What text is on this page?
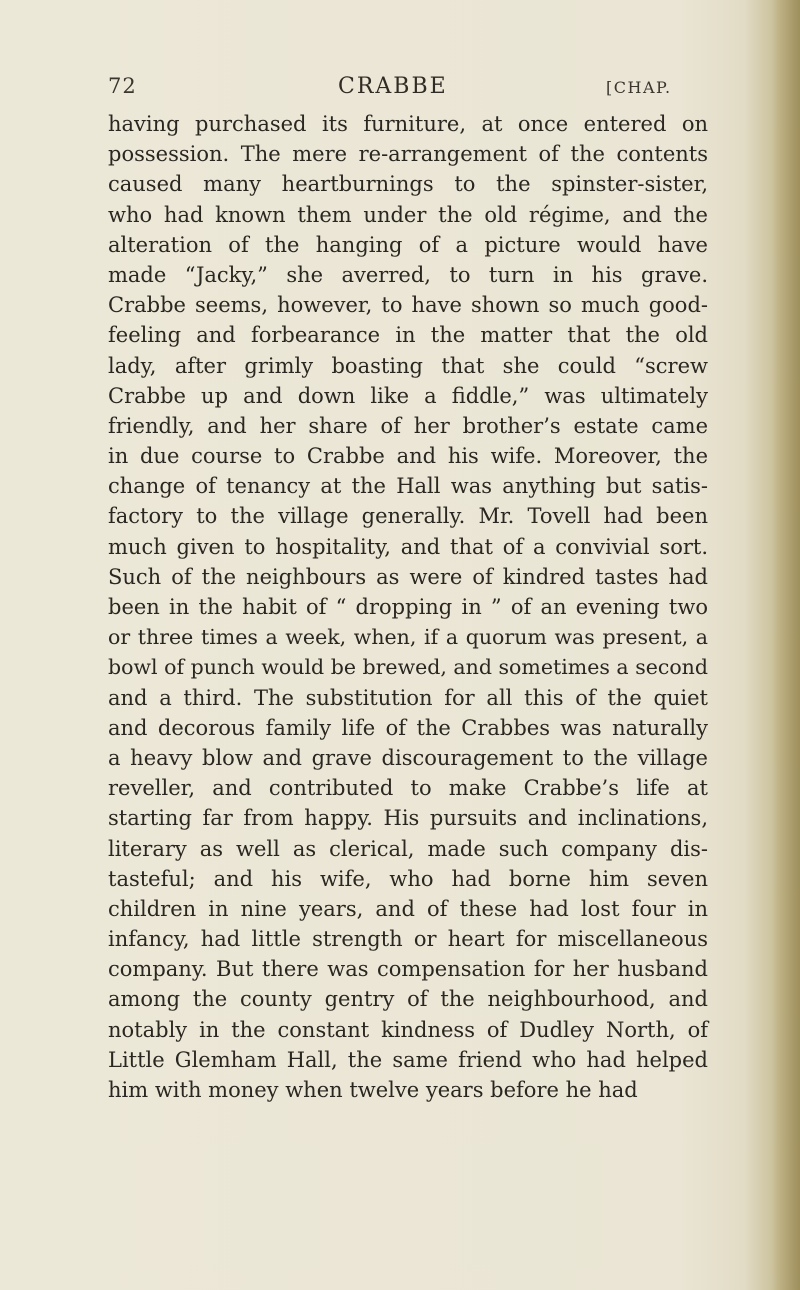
72	CRABBE	[CHAP.
having purchased its furniture, at once entered on
possession. The mere re-arrangement of the contents
caused many heartburnings to the spinster-sister,
who had known them under the old régime, and the
alteration of the hanging of a picture would have
made “Jacky,” she averred, to turn in his grave.
Crabbe seems, however, to have shown so much good-
feeling and forbearance in the matter that the old
lady, after grimly boasting that she could “screw
Crabbe up and down like a fiddle,” was ultimately
friendly, and her share of her brother’s estate came
in due course to Crabbe and his wife. Moreover, the
change of tenancy at the Hall was anything but satis-
factory to the village generally. Mr. Tovell had been
much given to hospitality, and that of a convivial sort.
Such of the neighbours as were of kindred tastes had
been in the habit of “ dropping in ” of an evening two
or three times a week, when, if a quorum was present, a
bowl of punch would be brewed, and sometimes a second
and a third. The substitution for all this of the quiet
and decorous family life of the Crabbes was naturally
a heavy blow and grave discouragement to the village
reveller, and contributed to make Crabbe’s life at
starting far from happy. His pursuits and inclinations,
literary as well as clerical, made such company dis-
tasteful; and his wife, who had borne him seven
children in nine years, and of these had lost four in
infancy, had little strength or heart for miscellaneous
company. But there was compensation for her husband
among the county gentry of the neighbourhood, and
notably in the constant kindness of Dudley North, of
Little Glemham Hall, the same friend who had helped
him with money when twelve years before he had
